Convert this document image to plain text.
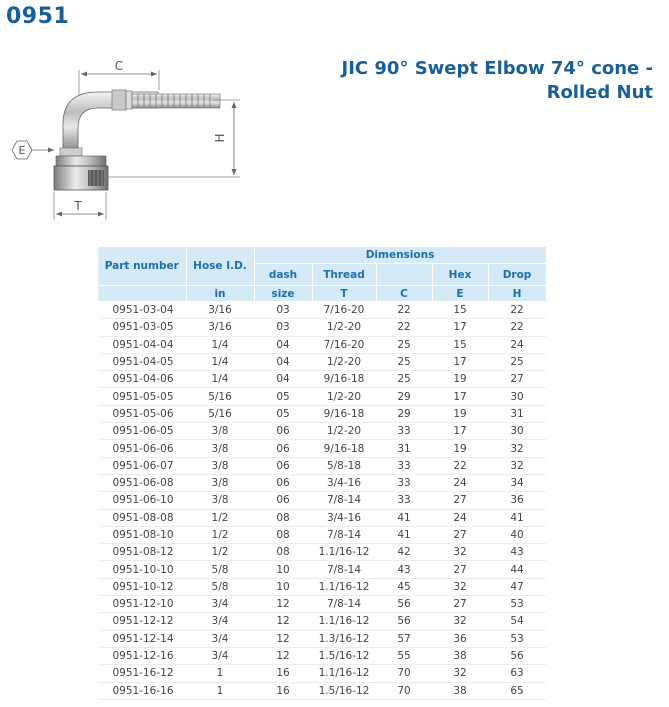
0951
JIC 90° Swept Elbow 74° cone -
Rolled Nut
C
H
E
T
Part number	Hose I.D.	Dimensions				
		dash	Thread		Hex	Drop
	in	size	T	C	E	H
0951-03-04	3/16	03	7/16-20	22	15	22
0951-03-05	3/16	03	1/2-20	22	17	22
0951-04-04	1/4	04	7/16-20	25	15	24
0951-04-05	1/4	04	1/2-20	25	17	25
0951-04-06	1/4	04	9/16-18	25	19	27
0951-05-05	5/16	05	1/2-20	29	17	30
0951-05-06	5/16	05	9/16-18	29	19	31
0951-06-05	3/8	06	1/2-20	33	17	30
0951-06-06	3/8	06	9/16-18	31	19	32
0951-06-07	3/8	06	5/8-18	33	22	32
0951-06-08	3/8	06	3/4-16	33	24	34
0951-06-10	3/8	06	7/8-14	33	27	36
0951-08-08	1/2	08	3/4-16	41	24	41
0951-08-10	1/2	08	7/8-14	41	27	40
0951-08-12	1/2	08	1.1/16-12	42	32	43
0951-10-10	5/8	10	7/8-14	43	27	44
0951-10-12	5/8	10	1.1/16-12	45	32	47
0951-12-10	3/4	12	7/8-14	56	27	53
0951-12-12	3/4	12	1.1/16-12	56	32	54
0951-12-14	3/4	12	1.3/16-12	57	36	53
0951-12-16	3/4	12	1.5/16-12	55	38	56
0951-16-12	1	16	1.1/16-12	70	32	63
0951-16-16	1	16	1.5/16-12	70	38	65
